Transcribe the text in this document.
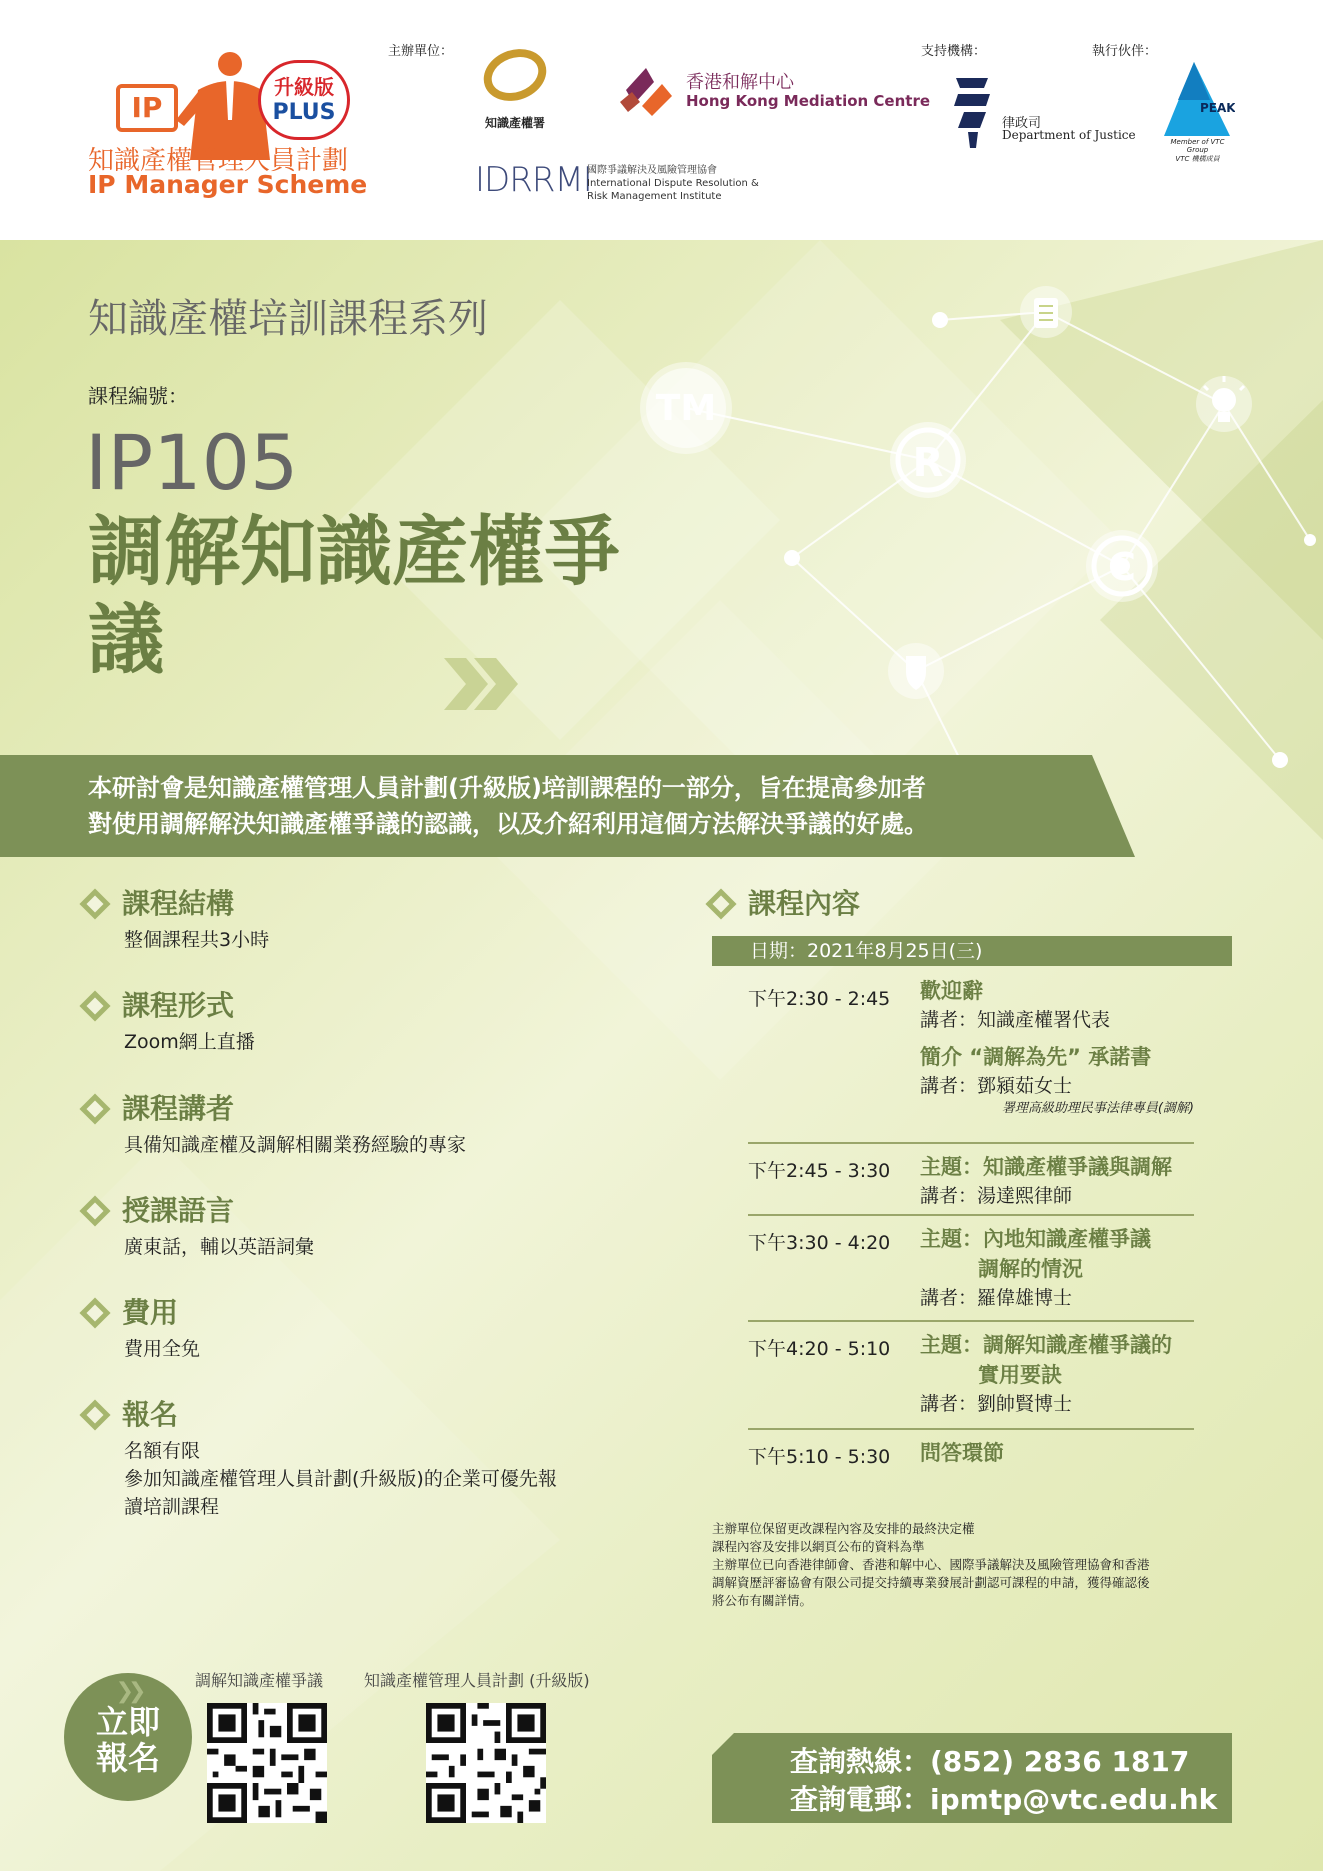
IP
升級版
PLUS
知識產權管理人員計劃
IP Manager Scheme
主辦單位：	支持機構：	執行伙伴：
知識產權署
香港和解中心
Hong Kong Mediation Centre
IDRRMI
國際爭議解決及風險管理協會
International Dispute Resolution &
Risk Management Institute
律政司
Department of Justice
PEAK
Member of VTC Group
VTC 機構成員
TM
R
C
知識產權培訓課程系列
課程編號：
IP105
調解知識產權爭議
本研討會是知識產權管理人員計劃(升級版)培訓課程的一部分，旨在提高參加者
對使用調解解決知識產權爭議的認識，以及介紹利用這個方法解決爭議的好處。
課程結構
整個課程共3小時
課程形式
Zoom網上直播
課程講者
具備知識產權及調解相關業務經驗的專家
授課語言
廣東話，輔以英語詞彙
費用
費用全免
報名
名額有限
參加知識產權管理人員計劃(升級版)的企業可優先報
讀培訓課程
課程內容
日期：2021年8月25日(三)
下午2:30 - 2:45 歡迎辭
講者：知識產權署代表
簡介 “調解為先” 承諾書
講者：鄧潁茹女士
署理高級助理民事法律專員(調解)
下午2:45 - 3:30 主題：知識產權爭議與調解
講者：湯達熙律師
下午3:30 - 4:20 主題：內地知識產權爭議
調解的情況
講者：羅偉雄博士
下午4:20 - 5:10 主題：調解知識產權爭議的
實用要訣
講者：劉帥賢博士
下午5:10 - 5:30 問答環節
主辦單位保留更改課程內容及安排的最終決定權
課程內容及安排以網頁公布的資料為準
主辦單位已向香港律師會、香港和解中心、國際爭議解決及風險管理協會和香港
調解資歷評審協會有限公司提交持續專業發展計劃認可課程的申請，獲得確認後
將公布有關詳情。
❯❯
立即
報名
調解知識產權爭議	知識產權管理人員計劃 (升級版)
查詢熱線：(852) 2836 1817
查詢電郵：ipmtp@vtc.edu.hk
